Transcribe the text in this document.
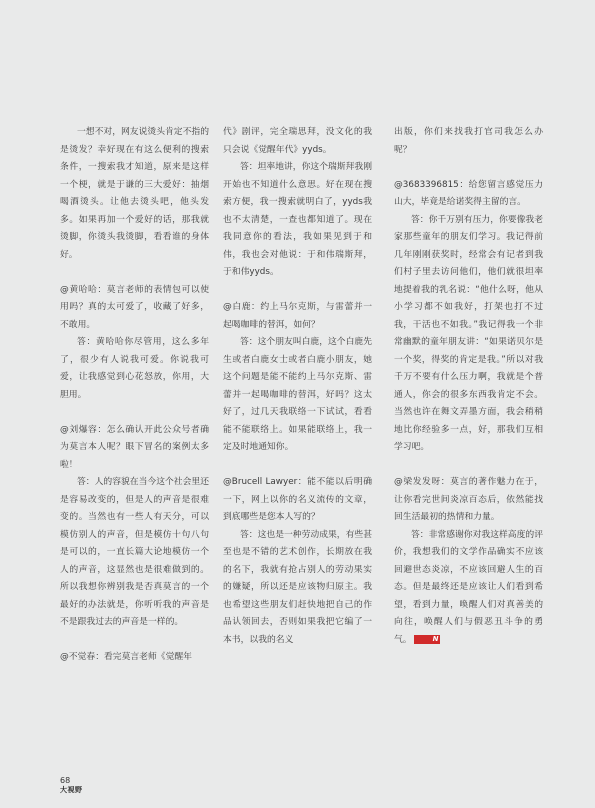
一想不对，网友说烫头肯定不指的是烫发？幸好现在有这么便利的搜索条件，一搜索我才知道，原来是这样一个梗，就是于谦的三大爱好：抽烟喝酒烫头。让他去烫头吧，他头发多。如果再加一个爱好的话，那我就烫脚，你烫头我烫脚，看看谁的身体好。

@黄哈哈：莫言老师的表情包可以使用吗？真的太可爱了，收藏了好多，不敢用。

答：黄哈哈你尽管用，这么多年了，很少有人说我可爱。你说我可爱，让我感觉到心花怒放，你用，大胆用。

@刘爆容：怎么确认开此公众号者确为莫言本人呢？眼下冒名的案例太多啦！

答：人的容貌在当今这个社会里还是容易改变的，但是人的声音是很难变的。当然也有一些人有天分，可以模仿别人的声音，但是模仿十句八句是可以的，一直长篇大论地模仿一个人的声音，这显然也是很难做到的。所以我想你辨别我是否真莫言的一个最好的办法就是，你听听我的声音是不是跟我过去的声音是一样的。

@不觉春：看完莫言老师《觉醒年

代》剧评，完全瑞思拜，没文化的我只会说《觉醒年代》yyds。

答：坦率地讲，你这个瑞斯拜我刚开始也不知道什么意思。好在现在搜索方便，我一搜索就明白了，yyds我也不太清楚，一查也都知道了。现在我同意你的看法，我如果见到于和伟，我也会对他说：于和伟瑞斯拜，于和伟yyds。

@白鹿：约上马尔克斯，与雷蕾并一起喝咖啡的替洱，如何？

答：这个朋友叫白鹿，这个白鹿先生或者白鹿女士或者白鹿小朋友，她这个问题是能不能约上马尔克斯、雷蕾并一起喝咖啡的替洱，好吗？这太好了，过几天我联络一下试试，看看能不能联络上。如果能联络上，我一定及时地通知你。

@Brucell Lawyer：能不能以后明确一下，网上以你的名义流传的文章，到底哪些是您本人写的？

答：这也是一种劳动成果，有些甚至也是不错的艺术创作，长期放在我的名下，我就有抢占别人的劳动果实的嫌疑，所以还是应该物归原主。我也希望这些朋友们赶快地把自己的作品认领回去，否则如果我把它编了一本书，以我的名义

出版，你们来找我打官司我怎么办呢？

@3683396815：给您留言感觉压力山大，毕竟是给诺奖得主留的言。

答：你千万别有压力，你要像我老家那些童年的朋友们学习。我记得前几年刚刚获奖时，经常会有记者到我们村子里去访问他们，他们就很坦率地提着我的乳名说：“他什么呀，他从小学习都不如我好，打架也打不过我，干活也不如我。”我记得我一个非常幽默的童年朋友讲：“如果诺贝尔是一个奖，得奖的肯定是我。”所以对我千万不要有什么压力啊，我就是个普通人，你会的很多东西我肯定不会。当然也许在舞文弄墨方面，我会稍稍地比你经验多一点，好，那我们互相学习吧。

@梁发发呀：莫言的著作魅力在于，让你看完世间炎凉百态后，依然能找回生活最初的热情和力量。

答：非常感谢你对我这样高度的评价，我想我们的文学作品确实不应该回避世态炎凉，不应该回避人生的百态。但是最终还是应该让人们看到希望，看到力量，唤醒人们对真善美的向往，唤醒人们与假恶丑斗争的勇气。	N

68
大视野
